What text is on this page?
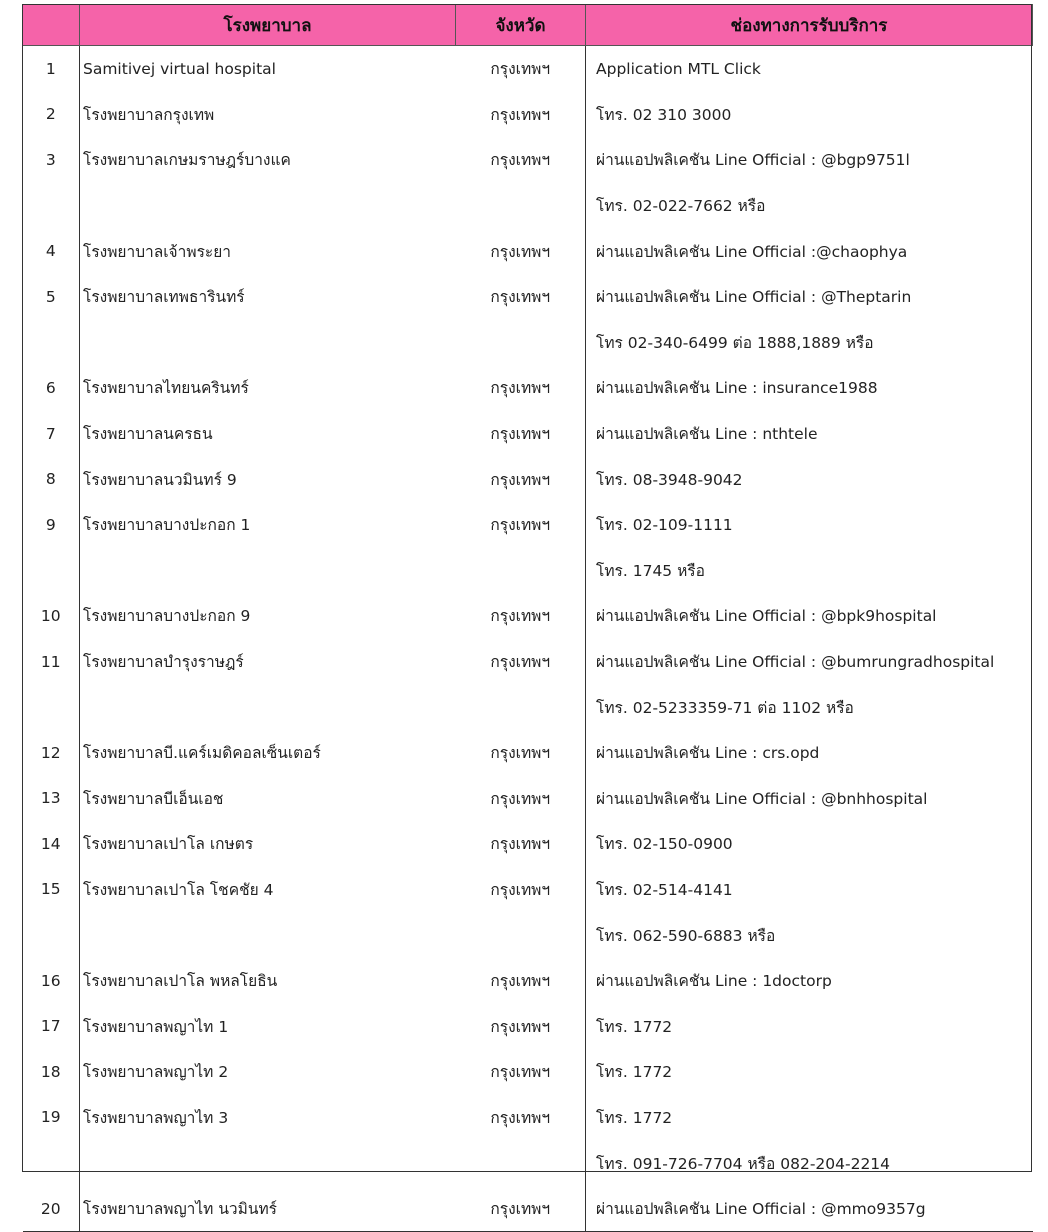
	โรงพยาบาล	จังหวัด	ช่องทางการรับบริการ
1	Samitivej virtual hospital	กรุงเทพฯ	Application MTL Click
2	โรงพยาบาลกรุงเทพ	กรุงเทพฯ	โทร. 02 310 3000
3	โรงพยาบาลเกษมราษฎร์บางแค	กรุงเทพฯ	ผ่านแอปพลิเคชัน Line Official : @bgp9751l
			โทร. 02-022-7662 หรือ
4	โรงพยาบาลเจ้าพระยา	กรุงเทพฯ	ผ่านแอปพลิเคชัน Line Official :@chaophya
5	โรงพยาบาลเทพธารินทร์	กรุงเทพฯ	ผ่านแอปพลิเคชัน Line Official : @Theptarin
			โทร 02-340-6499 ต่อ 1888,1889 หรือ
6	โรงพยาบาลไทยนครินทร์	กรุงเทพฯ	ผ่านแอปพลิเคชัน Line : insurance1988
7	โรงพยาบาลนครธน	กรุงเทพฯ	ผ่านแอปพลิเคชัน Line : nthtele
8	โรงพยาบาลนวมินทร์ 9	กรุงเทพฯ	โทร. 08-3948-9042
9	โรงพยาบาลบางปะกอก 1	กรุงเทพฯ	โทร. 02-109-1111
			โทร. 1745 หรือ
10	โรงพยาบาลบางปะกอก 9	กรุงเทพฯ	ผ่านแอปพลิเคชัน Line Official : @bpk9hospital
11	โรงพยาบาลบำรุงราษฎร์	กรุงเทพฯ	ผ่านแอปพลิเคชัน Line Official : @bumrungradhospital
			โทร. 02-5233359-71 ต่อ 1102 หรือ
12	โรงพยาบาลบี.แคร์เมดิคอลเซ็นเตอร์	กรุงเทพฯ	ผ่านแอปพลิเคชัน Line : crs.opd
13	โรงพยาบาลบีเอ็นเอช	กรุงเทพฯ	ผ่านแอปพลิเคชัน Line Official : @bnhhospital
14	โรงพยาบาลเปาโล เกษตร	กรุงเทพฯ	โทร. 02-150-0900
15	โรงพยาบาลเปาโล โชคชัย 4	กรุงเทพฯ	โทร. 02-514-4141
			โทร. 062-590-6883 หรือ
16	โรงพยาบาลเปาโล พหลโยธิน	กรุงเทพฯ	ผ่านแอปพลิเคชัน Line : 1doctorp
17	โรงพยาบาลพญาไท 1	กรุงเทพฯ	โทร. 1772
18	โรงพยาบาลพญาไท 2	กรุงเทพฯ	โทร. 1772
19	โรงพยาบาลพญาไท 3	กรุงเทพฯ	โทร. 1772
			โทร. 091-726-7704 หรือ 082-204-2214
20	โรงพยาบาลพญาไท นวมินทร์	กรุงเทพฯ	ผ่านแอปพลิเคชัน Line Official : @mmo9357g
